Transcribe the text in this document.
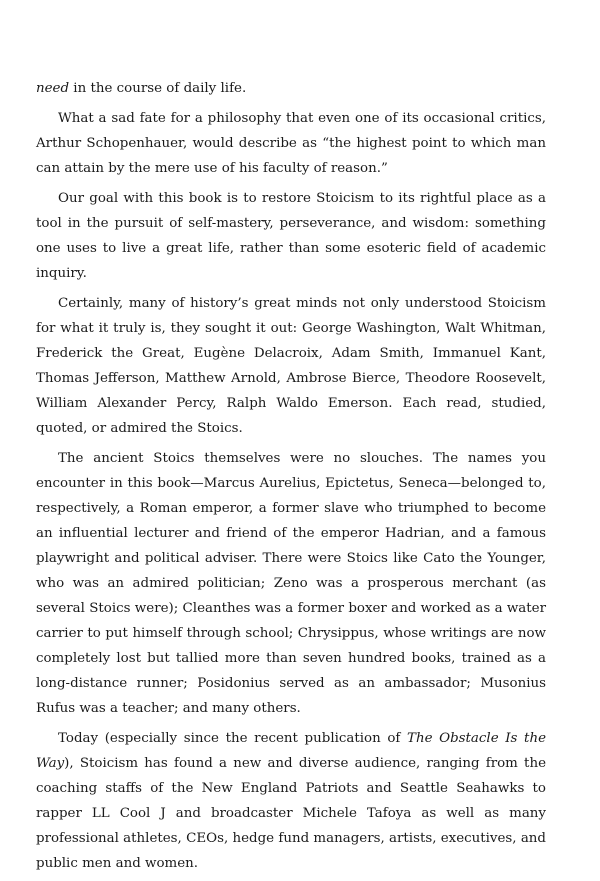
need in the course of daily life.

What a sad fate for a philosophy that even one of its occasional critics, Arthur Schopenhauer, would describe as “the highest point to which man can attain by the mere use of his faculty of reason.”

Our goal with this book is to restore Stoicism to its rightful place as a tool in the pursuit of self-mastery, perseverance, and wisdom: something one uses to live a great life, rather than some esoteric field of academic inquiry.

Certainly, many of history’s great minds not only understood Stoicism for what it truly is, they sought it out: George Washington, Walt Whitman, Frederick the Great, Eugène Delacroix, Adam Smith, Immanuel Kant, Thomas Jefferson, Matthew Arnold, Ambrose Bierce, Theodore Roosevelt, William Alexander Percy, Ralph Waldo Emerson. Each read, studied, quoted, or admired the Stoics.

The ancient Stoics themselves were no slouches. The names you encounter in this book—Marcus Aurelius, Epictetus, Seneca—belonged to, respectively, a Roman emperor, a former slave who triumphed to become an influential lecturer and friend of the emperor Hadrian, and a famous playwright and political adviser. There were Stoics like Cato the Younger, who was an admired politician; Zeno was a prosperous merchant (as several Stoics were); Cleanthes was a former boxer and worked as a water carrier to put himself through school; Chrysippus, whose writings are now completely lost but tallied more than seven hundred books, trained as a long-distance runner; Posidonius served as an ambassador; Musonius Rufus was a teacher; and many others.

Today (especially since the recent publication of The Obstacle Is the Way), Stoicism has found a new and diverse audience, ranging from the coaching staffs of the New England Patriots and Seattle Seahawks to rapper LL Cool J and broadcaster Michele Tafoya as well as many professional athletes, CEOs, hedge fund managers, artists, executives, and public men and women.
